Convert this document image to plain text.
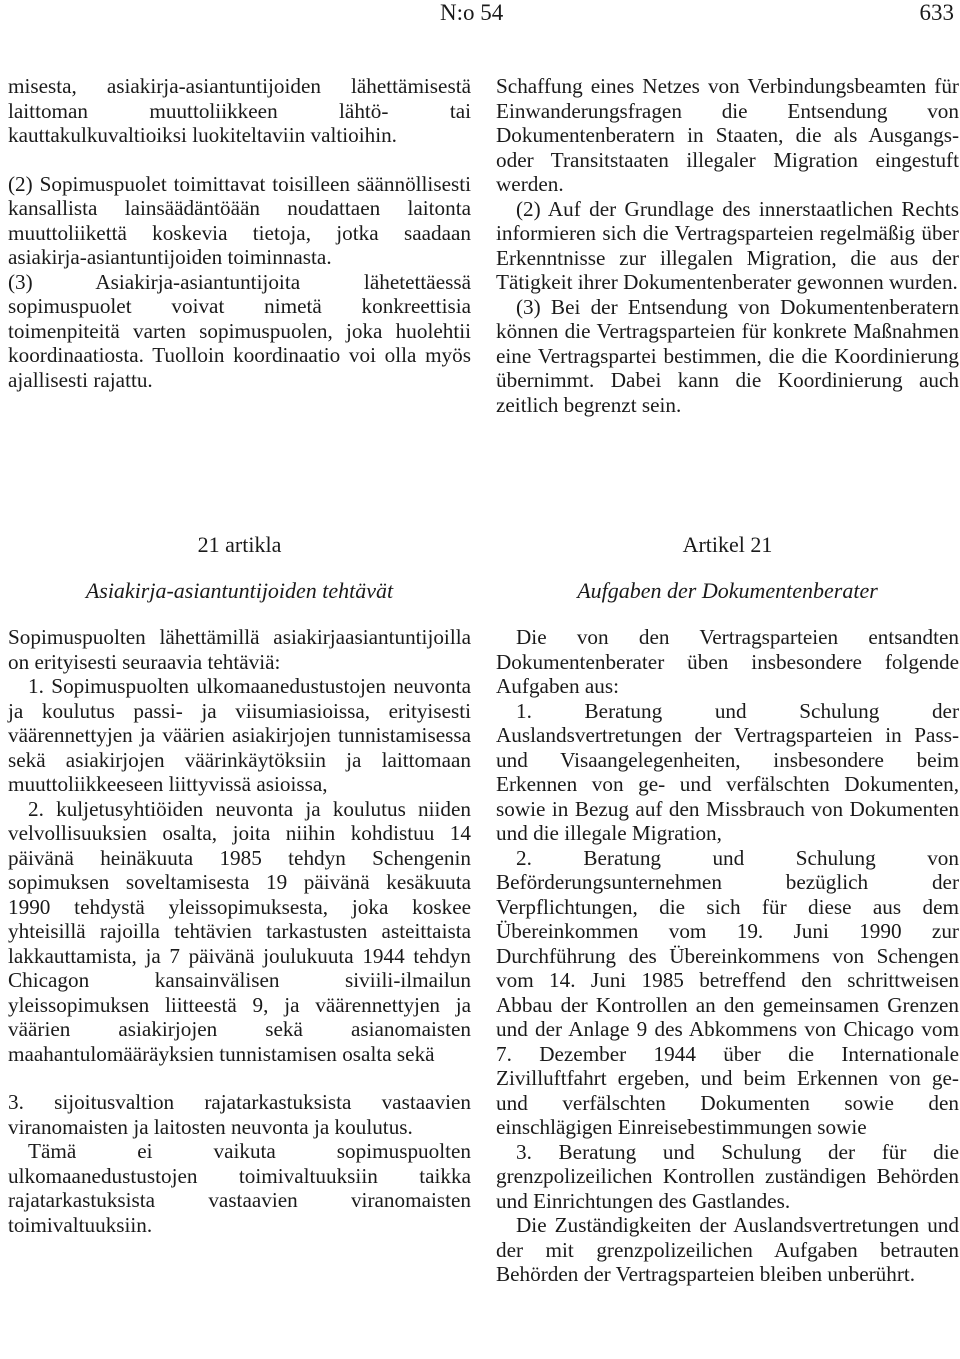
N:o 54	633

misesta, asiakirja-asiantuntijoiden lähettämisestä laittoman muuttoliikkeen lähtö- tai kauttakulkuvaltioiksi luokiteltaviin valtioihin.

(2) Sopimuspuolet toimittavat toisilleen säännöllisesti kansallista lainsäädäntöään noudattaen laitonta muuttoliikettä koskevia tietoja, jotka saadaan asiakirja-asiantuntijoiden toiminnasta.

(3) Asiakirja-asiantuntijoita lähetettäessä sopimuspuolet voivat nimetä konkreettisia toimenpiteitä varten sopimuspuolen, joka huolehtii koordinaatiosta. Tuolloin koordinaatio voi olla myös ajallisesti rajattu.

Schaffung eines Netzes von Verbindungsbeamten für Einwanderungsfragen die Entsendung von Dokumentenberatern in Staaten, die als Ausgangs- oder Transitstaaten illegaler Migration eingestuft werden.

(2) Auf der Grundlage des innerstaatlichen Rechts informieren sich die Vertragsparteien regelmäßig über Erkenntnisse zur illegalen Migration, die aus der Tätigkeit ihrer Dokumentenberater gewonnen wurden.

(3) Bei der Entsendung von Dokumentenberatern können die Vertragsparteien für konkrete Maßnahmen eine Vertragspartei bestimmen, die die Koordinierung übernimmt. Dabei kann die Koordinierung auch zeitlich begrenzt sein.

21 artikla

Asiakirja-asiantuntijoiden tehtävät

Sopimuspuolten lähettämillä asiakirjaasiantuntijoilla on erityisesti seuraavia tehtäviä:

1. Sopimuspuolten ulkomaanedustustojen neuvonta ja koulutus passi- ja viisumiasioissa, erityisesti väärennettyjen ja väärien asiakirjojen tunnistamisessa sekä asiakirjojen väärinkäytöksiin ja laittomaan muuttoliikkeeseen liittyvissä asioissa,

2. kuljetusyhtiöiden neuvonta ja koulutus niiden velvollisuuksien osalta, joita niihin kohdistuu 14 päivänä heinäkuuta 1985 tehdyn Schengenin sopimuksen soveltamisesta 19 päivänä kesäkuuta 1990 tehdystä yleissopimuksesta, joka koskee yhteisillä rajoilla tehtävien tarkastusten asteittaista lakkauttamista, ja 7 päivänä joulukuuta 1944 tehdyn Chicagon kansainvälisen siviili-ilmailun yleissopimuksen liitteestä 9, ja väärennettyjen ja väärien asiakirjojen sekä asianomaisten maahantulomääräyksien tunnistamisen osalta sekä

3. sijoitusvaltion rajatarkastuksista vastaavien viranomaisten ja laitosten neuvonta ja koulutus.

Tämä ei vaikuta sopimuspuolten ulkomaanedustustojen toimivaltuuksiin taikka rajatarkastuksista vastaavien viranomaisten toimivaltuuksiin.

Artikel 21

Aufgaben der Dokumentenberater

Die von den Vertragsparteien entsandten Dokumentenberater üben insbesondere folgende Aufgaben aus:

1. Beratung und Schulung der Auslandsvertretungen der Vertragsparteien in Pass- und Visaangelegenheiten, insbesondere beim Erkennen von ge- und verfälschten Dokumenten, sowie in Bezug auf den Missbrauch von Dokumenten und die illegale Migration,

2. Beratung und Schulung von Beförderungsunternehmen bezüglich der Verpflichtungen, die sich für diese aus dem Übereinkommen vom 19. Juni 1990 zur Durchführung des Übereinkommens von Schengen vom 14. Juni 1985 betreffend den schrittweisen Abbau der Kontrollen an den gemeinsamen Grenzen und der Anlage 9 des Abkommens von Chicago vom 7. Dezember 1944 über die Internationale Zivilluftfahrt ergeben, und beim Erkennen von ge- und verfälschten Dokumenten sowie den einschlägigen Einreisebestimmungen sowie

3. Beratung und Schulung der für die grenzpolizeilichen Kontrollen zuständigen Behörden und Einrichtungen des Gastlandes.

Die Zuständigkeiten der Auslandsvertretungen und der mit grenzpolizeilichen Aufgaben betrauten Behörden der Vertragsparteien bleiben unberührt.
